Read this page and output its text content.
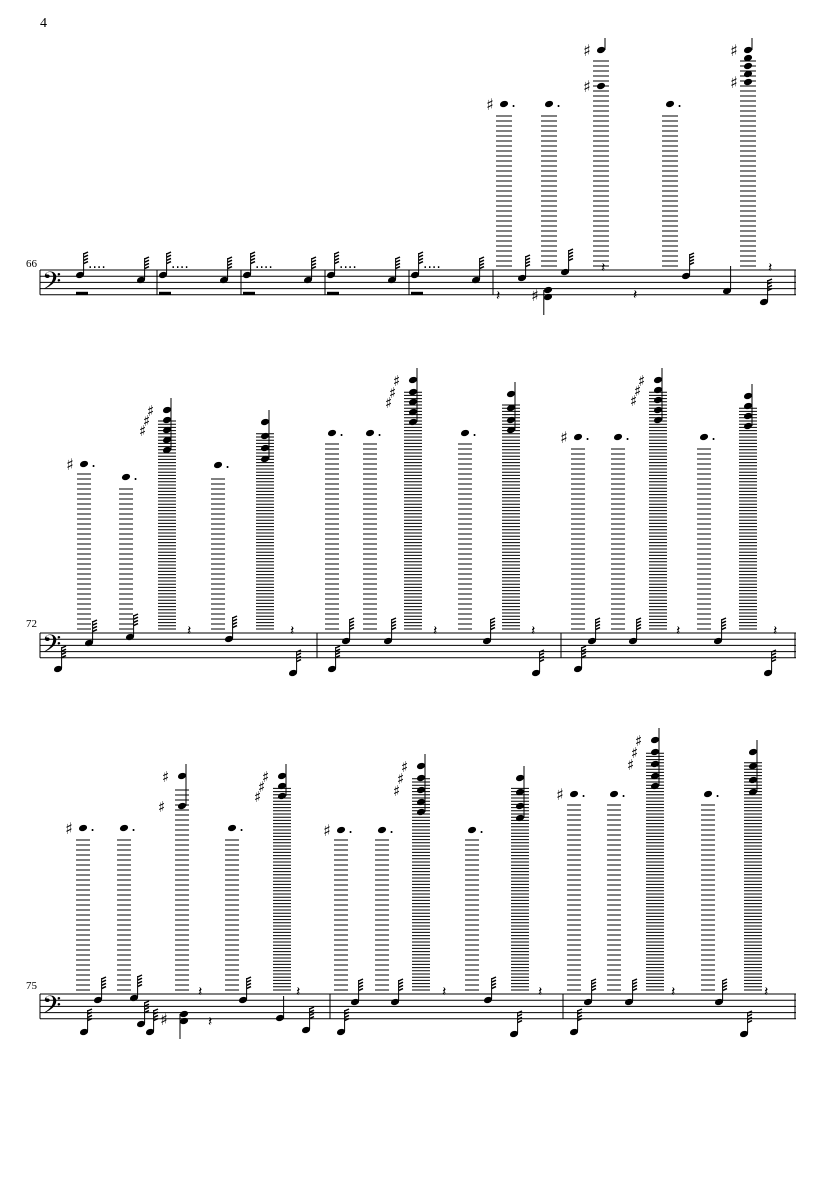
4
66
72
75
𝄢
𝄢
𝄢
....	....	....	....	....
♯
𝄽
𝄽
𝄽
𝄽
♯ . .
♯
♯
.
♯
♯
♯ .
.
♯
♯
♯
.
. .
♯
♯
♯
.	♯ . .
♯
♯
♯
.
𝄽	𝄽	𝄽	𝄽	𝄽	𝄽
♯ . .
♯
♯
.
♯
♯
♯
♯ . .
♯
♯
♯
.
♯ . .
♯
♯
♯
.
♯	𝄽
𝄽	𝄽	𝄽	𝄽	𝄽	𝄽
